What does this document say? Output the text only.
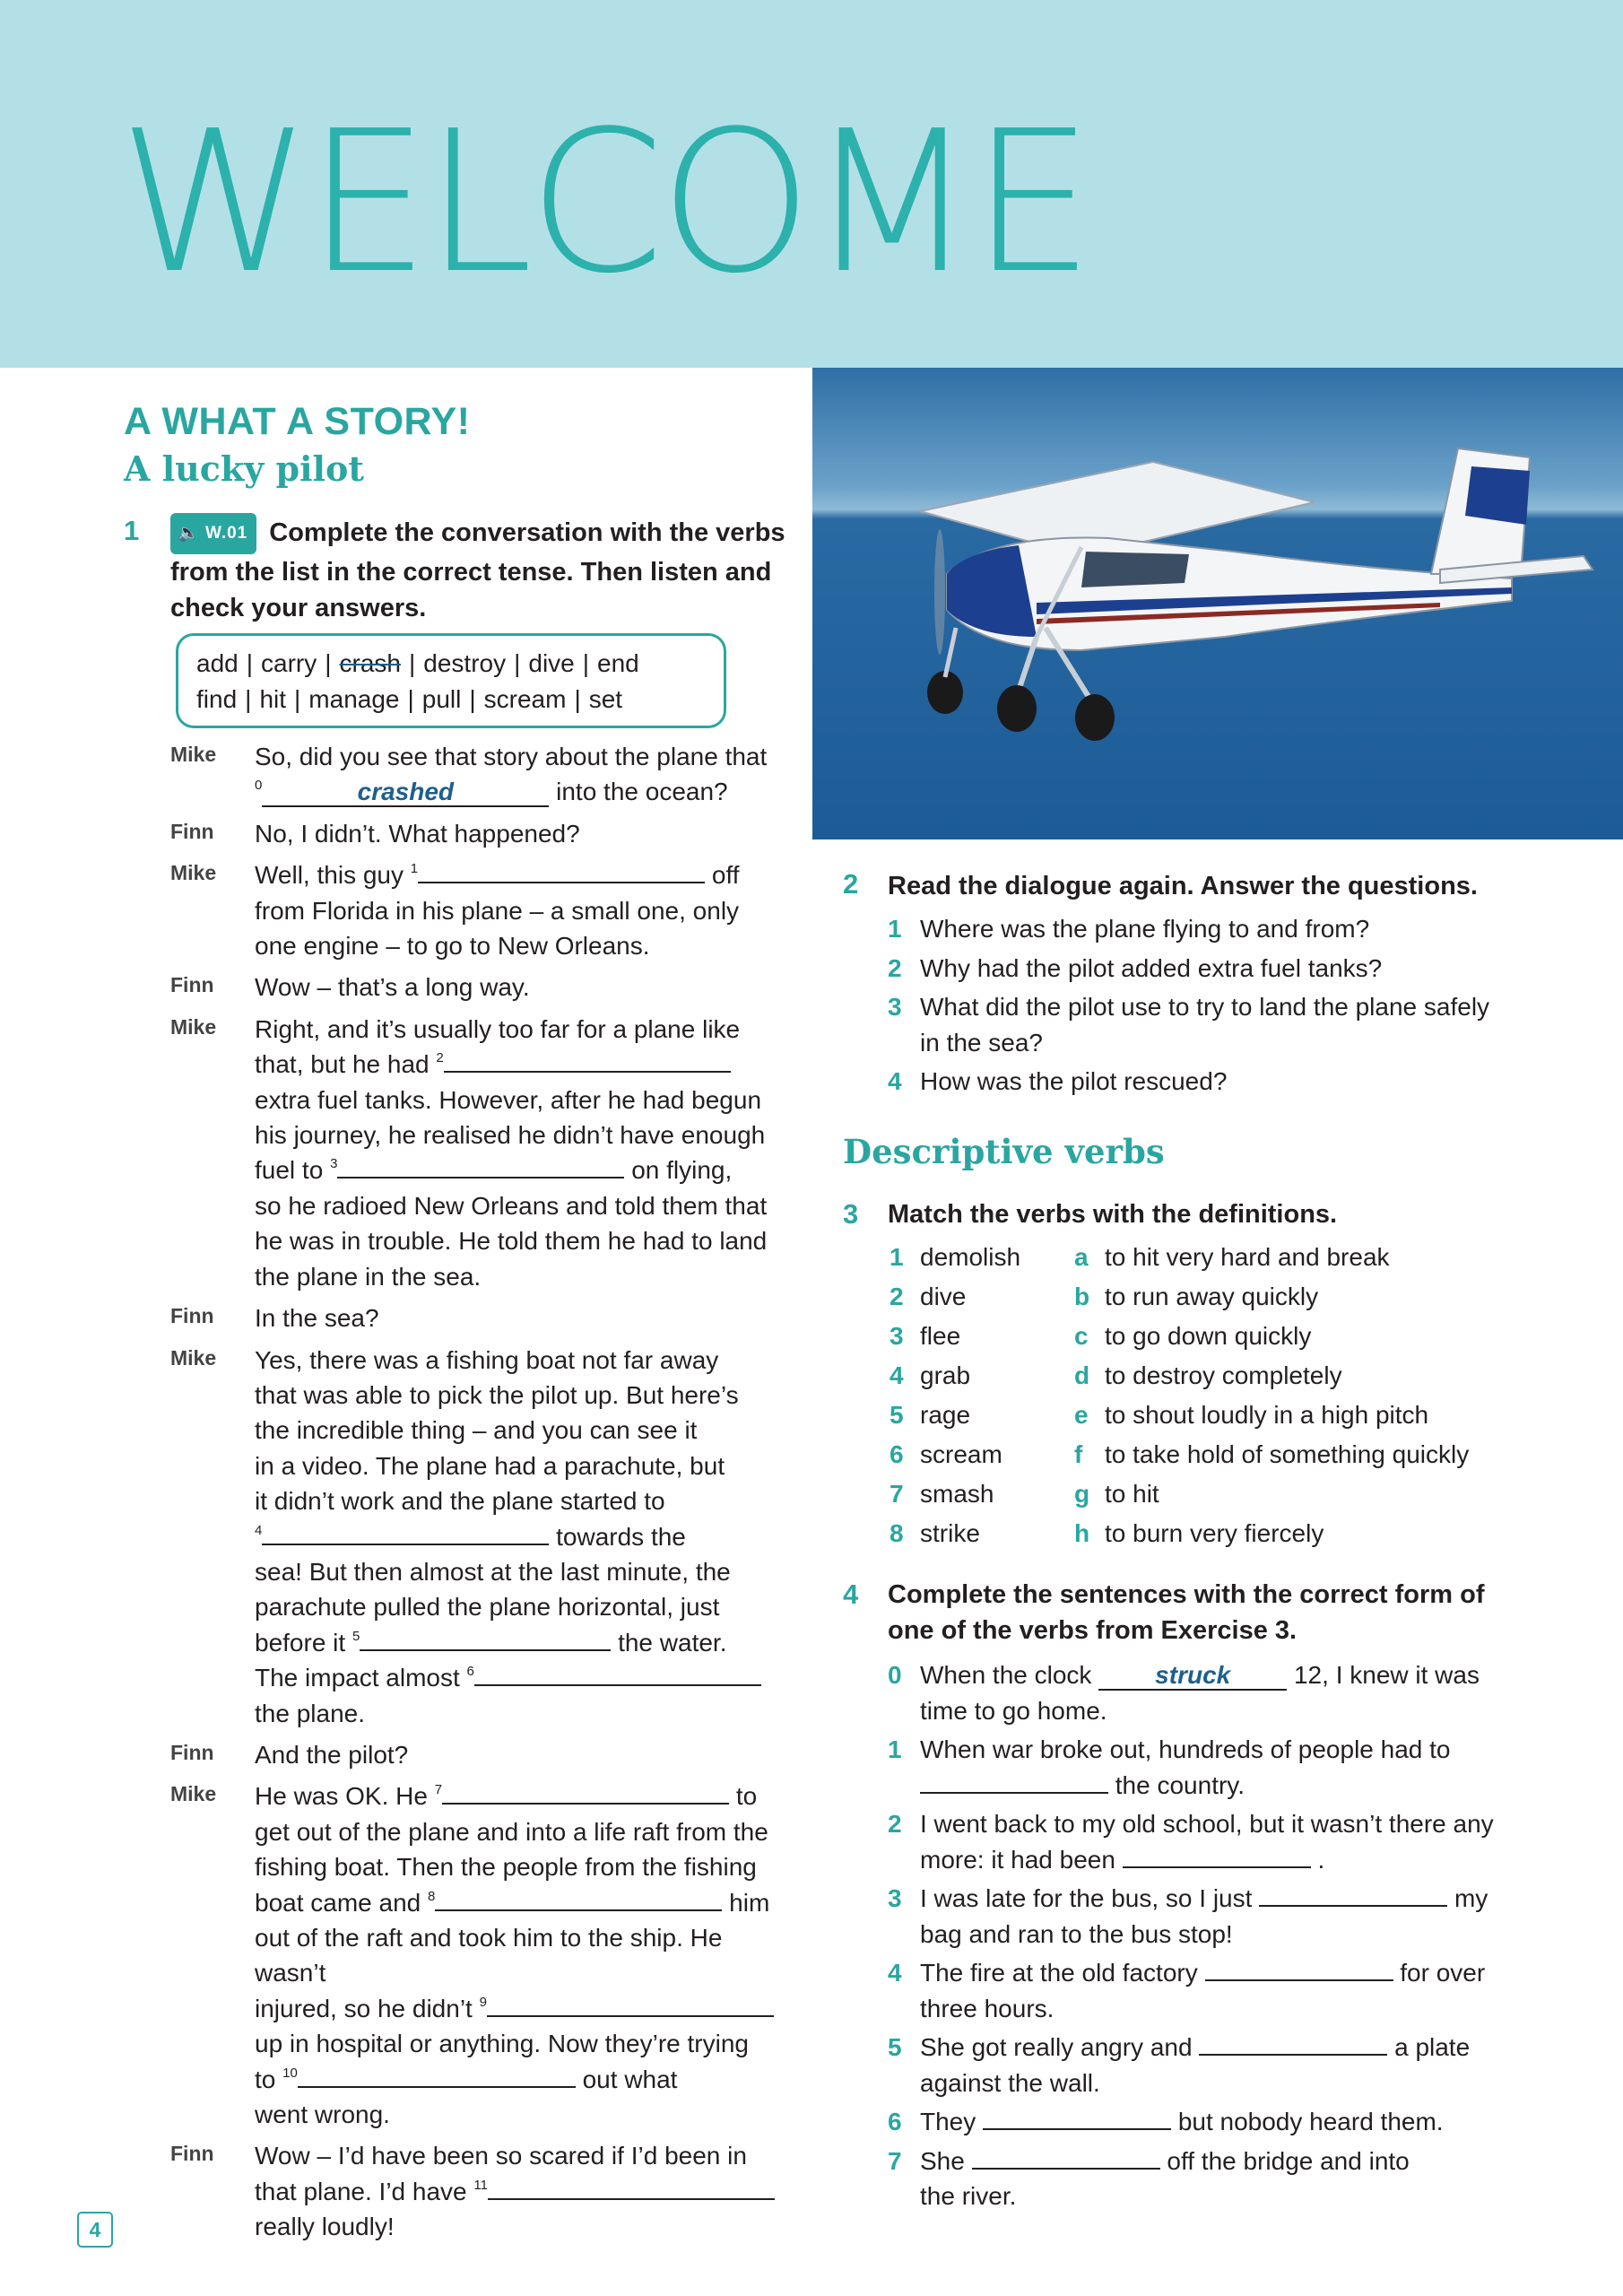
WELCOME
A WHAT A STORY!
A lucky pilot
1	🔈 W.01 Complete the conversation with the verbs from the list in the correct tense. Then listen and check your answers.
add | carry | crash | destroy | dive | end
find | hit | manage | pull | scream | set
Mike So, did you see that story about the plane that
$^0$	crashed	into the ocean?
Finn No, I didn’t. What happened?
Mike Well, this guy $^1$	off
from Florida in his plane – a small one, only
one engine – to go to New Orleans.
Finn Wow – that’s a long way.
Mike Right, and it’s usually too far for a plane like
that, but he had $^2$
extra fuel tanks. However, after he had begun
his journey, he realised he didn’t have enough
fuel to $^3$	on flying,
so he radioed New Orleans and told them that
he was in trouble. He told them he had to land
the plane in the sea.
Finn In the sea?
Mike Yes, there was a fishing boat not far away
that was able to pick the pilot up. But here’s
the incredible thing – and you can see it
in a video. The plane had a parachute, but
it didn’t work and the plane started to
$^4$	towards the
sea! But then almost at the last minute, the
parachute pulled the plane horizontal, just
before it $^5$	the water.
The impact almost $^6$
the plane.
Finn And the pilot?
Mike He was OK. He $^7$	to
get out of the plane and into a life raft from the
fishing boat. Then the people from the fishing
boat came and $^8$	him
out of the raft and took him to the ship. He wasn’t
injured, so he didn’t $^9$
up in hospital or anything. Now they’re trying
to $^{10}$	out what
went wrong.
Finn Wow – I’d have been so scared if I’d been in
that plane. I’d have $^{11}$
really loudly!
2 Read the dialogue again. Answer the questions.
1 Where was the plane flying to and from?
2 Why had the pilot added extra fuel tanks?
3 What did the pilot use to try to land the plane safely
in the sea?
4 How was the pilot rescued?
Descriptive verbs
3 Match the verbs with the definitions.
1 demolish a to hit very hard and break
2 dive	b to run away quickly
3 flee	c to go down quickly
4 grab	d to destroy completely
5 rage	e to shout loudly in a high pitch
6 scream	f to take hold of something quickly
7 smash	g to hit
8 strike	h to burn very fiercely
4 Complete the sentences with the correct form of one of the verbs from Exercise 3.
0 When the clock	struck	12, I knew it was
time to go home.
1 When war broke out, hundreds of people had to
the country.
2 I went back to my old school, but it wasn’t there any
more: it had been	.
3 I was late for the bus, so I just	my
bag and ran to the bus stop!
4 The fire at the old factory	for over
three hours.
5 She got really angry and	a plate
against the wall.
6 They	but nobody heard them.
7 She	off the bridge and into
the river.
4
